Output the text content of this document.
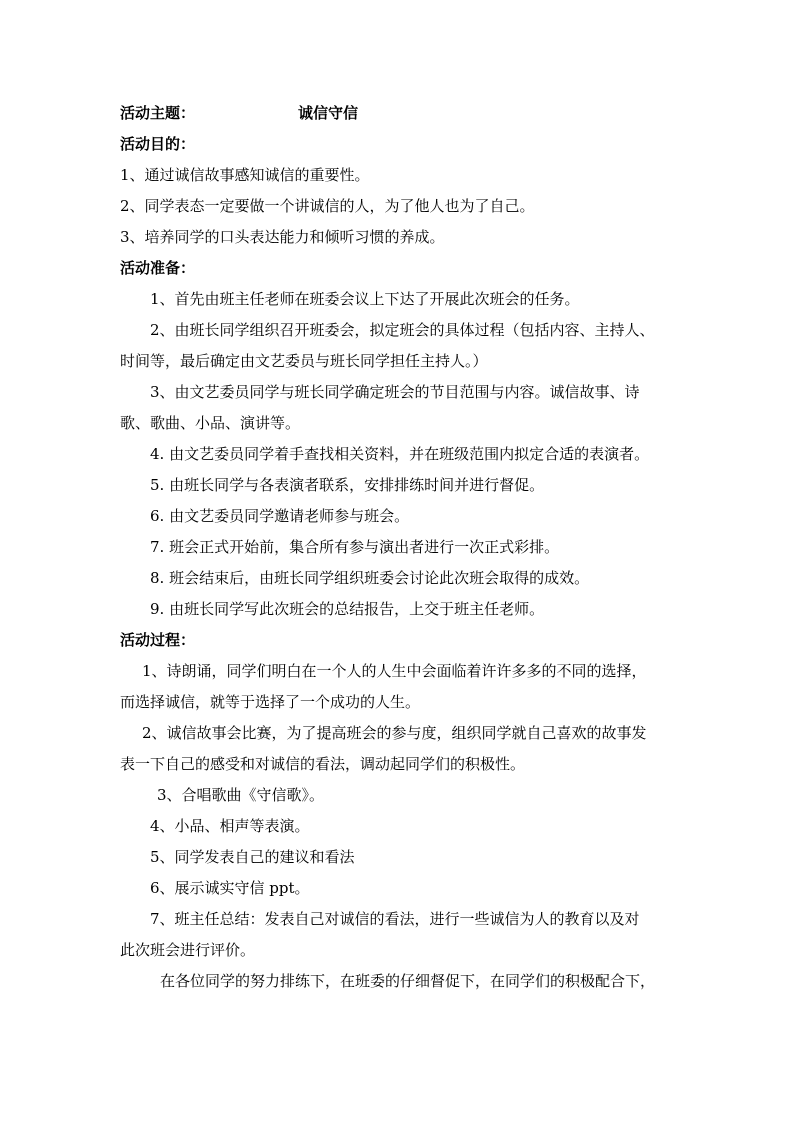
活动主题：	诚信守信
活动目的：
1、通过诚信故事感知诚信的重要性。
2、同学表态一定要做一个讲诚信的人，为了他人也为了自己。
3、培养同学的口头表达能力和倾听习惯的养成。
活动准备：
1、首先由班主任老师在班委会议上下达了开展此次班会的任务。
2、由班长同学组织召开班委会，拟定班会的具体过程（包括内容、主持人、
时间等，最后确定由文艺委员与班长同学担任主持人。）
3、由文艺委员同学与班长同学确定班会的节目范围与内容。诚信故事、诗
歌、歌曲、小品、演讲等。
4. 由文艺委员同学着手查找相关资料，并在班级范围内拟定合适的表演者。
5. 由班长同学与各表演者联系，安排排练时间并进行督促。
6. 由文艺委员同学邀请老师参与班会。
7. 班会正式开始前，集合所有参与演出者进行一次正式彩排。
8. 班会结束后，由班长同学组织班委会讨论此次班会取得的成效。
9. 由班长同学写此次班会的总结报告，上交于班主任老师。
活动过程：
1、诗朗诵，同学们明白在一个人的人生中会面临着许许多多的不同的选择，
而选择诚信，就等于选择了一个成功的人生。
2、诚信故事会比赛，为了提高班会的参与度，组织同学就自己喜欢的故事发
表一下自己的感受和对诚信的看法，调动起同学们的积极性。
3、合唱歌曲《守信歌》。
4、小品、相声等表演。
5、同学发表自己的建议和看法
6、展示诚实守信 ppt。
7、班主任总结：发表自己对诚信的看法，进行一些诚信为人的教育以及对
此次班会进行评价。
在各位同学的努力排练下，在班委的仔细督促下，在同学们的积极配合下，
